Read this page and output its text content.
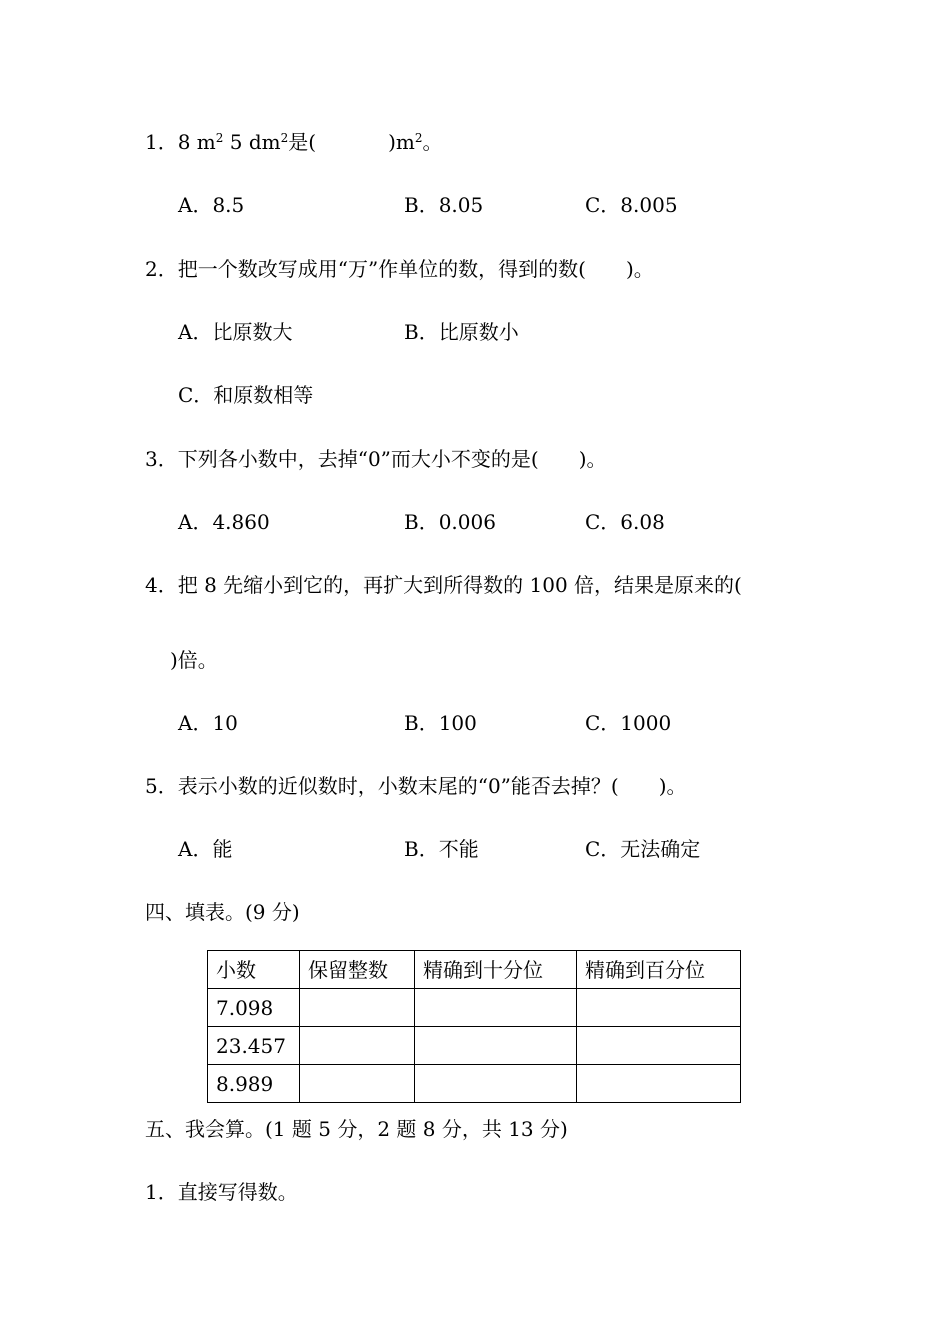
1．8 $m^2$ 5 $dm^2$是(	)$m^2$。
A．8.5	B．8.05	C．8.005
2．把一个数改写成用“万”作单位的数，得到的数(　　)。
A．比原数大	B．比原数小
C．和原数相等
3．下列各小数中，去掉“0”而大小不变的是(　　)。
A．4.860	B．0.006	C．6.08
4．把 8 先缩小到它的，再扩大到所得数的 100 倍，结果是原来的(
)倍。
A．10	B．100	C．1000
5．表示小数的近似数时，小数末尾的“0”能否去掉？(　　)。
A．能	B．不能	C．无法确定
四、填表。(9 分)
小数	保留整数	精确到十分位	精确到百分位
7.098			
23.457			
8.989			
五、我会算。(1 题 5 分，2 题 8 分，共 13 分)
1．直接写得数。
